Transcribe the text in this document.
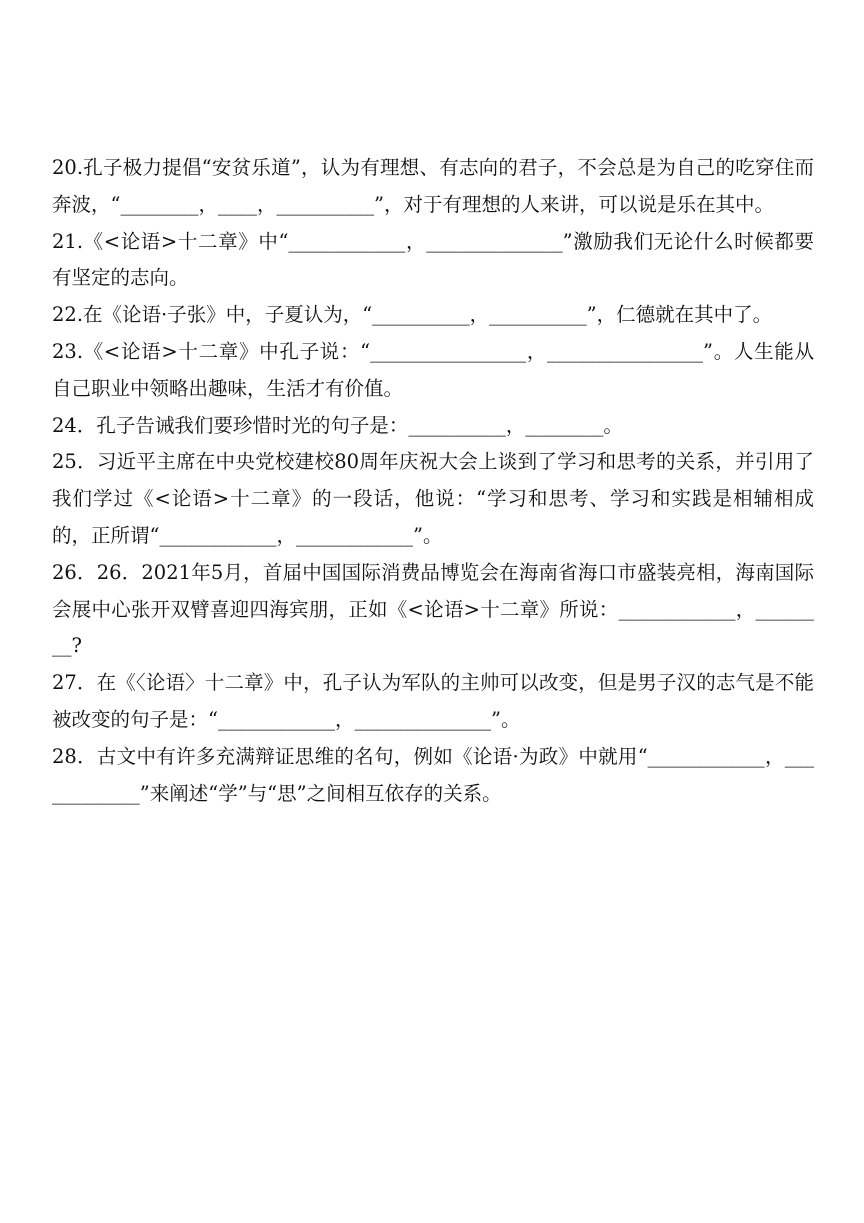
20.孔子极力提倡“安贫乐道”，认为有理想、有志向的君子，不会总是为自己的吃穿住而奔波，“________，____，__________”，对于有理想的人来讲，可以说是乐在其中。

21.《<论语>十二章》中“____________，______________”激励我们无论什么时候都要有坚定的志向。

22.在《论语·子张》中，子夏认为，“__________，__________”，仁德就在其中了。

23.《<论语>十二章》中孔子说：“________________，________________”。人生能从自己职业中领略出趣味，生活才有价值。

24．孔子告诫我们要珍惜时光的句子是：__________，________。

25．习近平主席在中央党校建校80周年庆祝大会上谈到了学习和思考的关系，并引用了我们学过《<论语>十二章》的一段话，他说：“学习和思考、学习和实践是相辅相成的，正所谓“____________，____________”。

26．26．2021年5月，首届中国国际消费品博览会在海南省海口市盛装亮相，海南国际会展中心张开双臂喜迎四海宾朋，正如《<论语>十二章》所说：____________，________?

27．在《〈论语〉十二章》中，孔子认为军队的主帅可以改变，但是男子汉的志气是不能被改变的句子是：“____________，______________”。

28．古文中有许多充满辩证思维的名句，例如《论语·为政》中就用“____________，____________”来阐述“学”与“思”之间相互依存的关系。
